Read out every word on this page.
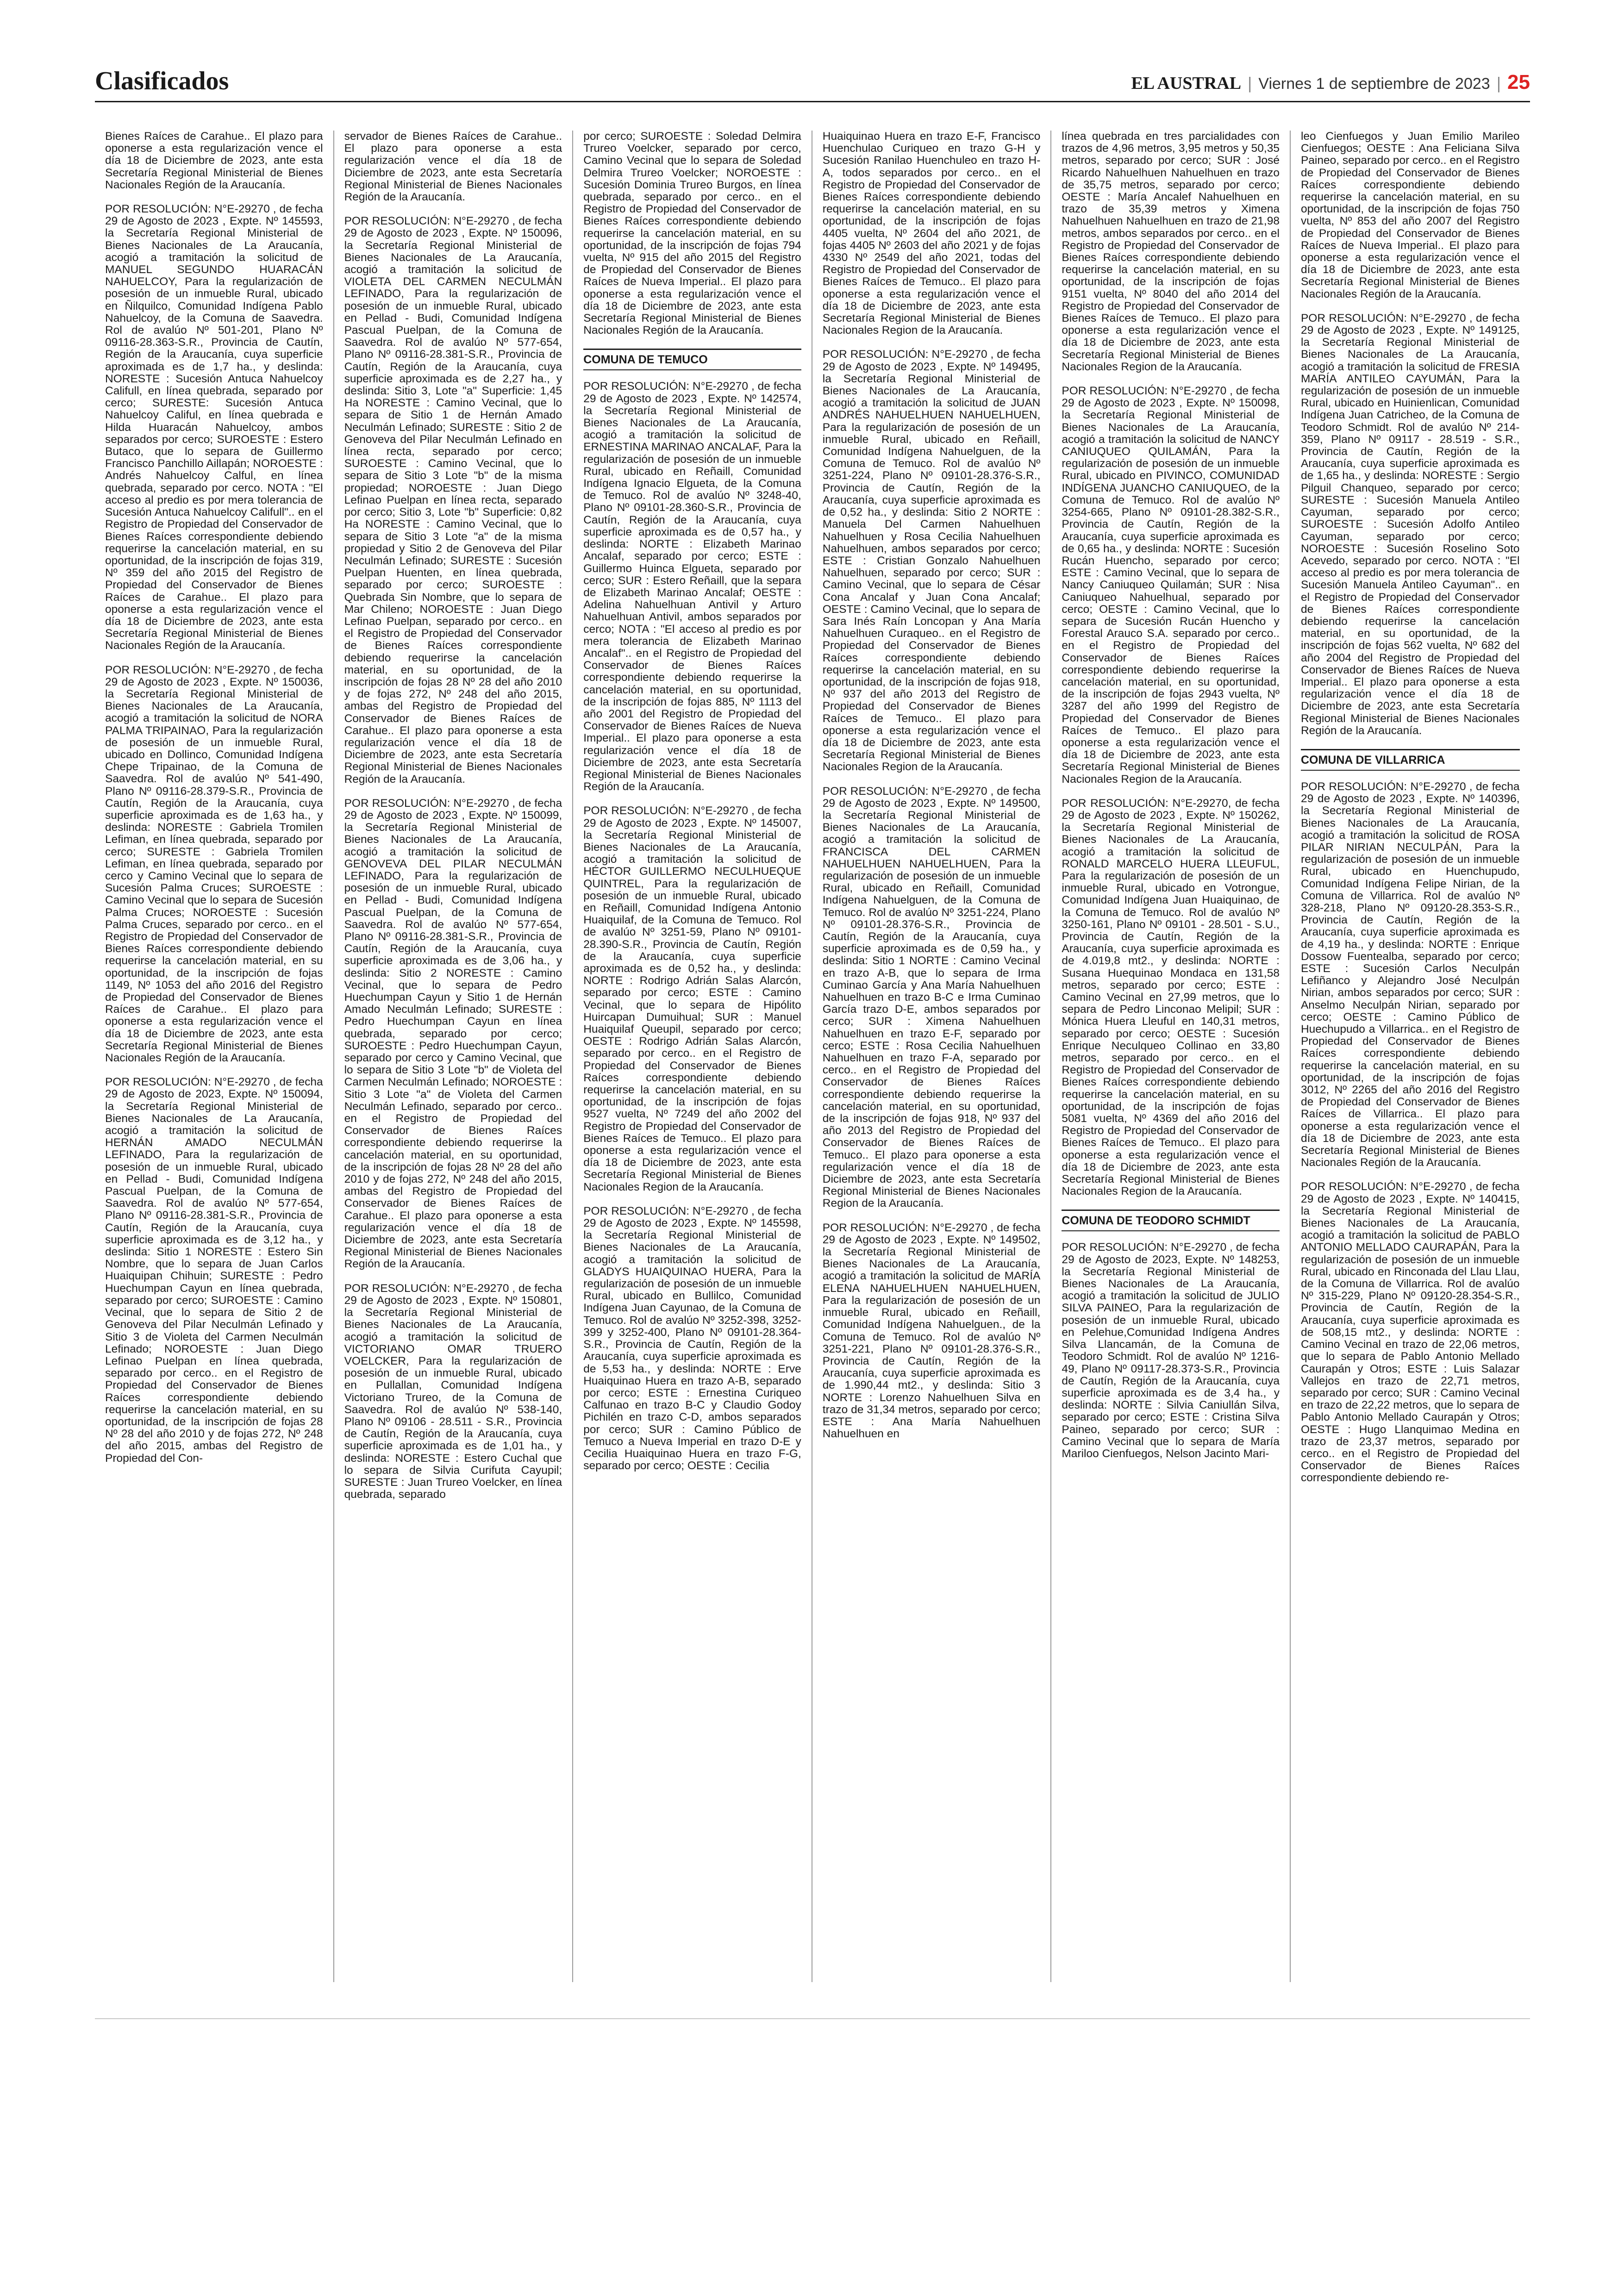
Clasificados	EL AUSTRAL | Viernes 1 de septiembre de 2023 | 25

Bienes Raíces de Carahue.. El plazo para oponerse a esta regularización vence el día 18 de Diciembre de 2023, ante esta Secretaría Regional Ministerial de Bienes Nacionales Región de la Araucanía.

POR RESOLUCIÓN: N°E-29270 , de fecha 29 de Agosto de 2023 , Expte. Nº 145593, la Secretaría Regional Ministerial de Bienes Nacionales de La Araucanía, acogió a tramitación la solicitud de MANUEL SEGUNDO HUARACÁN NAHUELCOY, Para la regularización de posesión de un inmueble Rural, ubicado en Ñilquilco, Comunidad Indígena Pablo Nahuelcoy, de la Comuna de Saavedra. Rol de avalúo Nº 501-201, Plano Nº 09116-28.363-S.R., Provincia de Cautín, Región de la Araucanía, cuya superficie aproximada es de 1,7 ha., y deslinda: NORESTE : Sucesión Antuca Nahuelcoy Califull, en línea quebrada, separado por cerco; SURESTE: Sucesión Antuca Nahuelcoy Califul, en línea quebrada e Hilda Huaracán Nahuelcoy, ambos separados por cerco; SUROESTE : Estero Butaco, que lo separa de Guillermo Francisco Panchillo Aillapán; NOROESTE : Andrés Nahuelcoy Calful, en línea quebrada, separado por cerco. NOTA : "El acceso al predio es por mera tolerancia de Sucesión Antuca Nahuelcoy Califull".. en el Registro de Propiedad del Conservador de Bienes Raíces correspondiente debiendo requerirse la cancelación material, en su oportunidad, de la inscripción de fojas 319, Nº 359 del año 2015 del Registro de Propiedad del Conservador de Bienes Raíces de Carahue.. El plazo para oponerse a esta regularización vence el día 18 de Diciembre de 2023, ante esta Secretaría Regional Ministerial de Bienes Nacionales Región de la Araucanía.

POR RESOLUCIÓN: N°E-29270 , de fecha 29 de Agosto de 2023 , Expte. Nº 150036, la Secretaría Regional Ministerial de Bienes Nacionales de La Araucanía, acogió a tramitación la solicitud de NORA PALMA TRIPAINAO, Para la regularización de posesión de un inmueble Rural, ubicado en Dollinco, Comunidad Indígena Chepe Tripainao, de la Comuna de Saavedra. Rol de avalúo Nº 541-490, Plano Nº 09116-28.379-S.R., Provincia de Cautín, Región de la Araucanía, cuya superficie aproximada es de 1,63 ha., y deslinda: NORESTE : Gabriela Tromilen Lefiman, en línea quebrada, separado por cerco; SURESTE : Gabriela Tromilen Lefiman, en línea quebrada, separado por cerco y Camino Vecinal que lo separa de Sucesión Palma Cruces; SUROESTE : Camino Vecinal que lo separa de Sucesión Palma Cruces; NOROESTE : Sucesión Palma Cruces, separado por cerco.. en el Registro de Propiedad del Conservador de Bienes Raíces correspondiente debiendo requerirse la cancelación material, en su oportunidad, de la inscripción de fojas 1149, Nº 1053 del año 2016 del Registro de Propiedad del Conservador de Bienes Raíces de Carahue.. El plazo para oponerse a esta regularización vence el día 18 de Diciembre de 2023, ante esta Secretaría Regional Ministerial de Bienes Nacionales Región de la Araucanía.

POR RESOLUCIÓN: N°E-29270 , de fecha 29 de Agosto de 2023, Expte. Nº 150094, la Secretaría Regional Ministerial de Bienes Nacionales de La Araucanía, acogió a tramitación la solicitud de HERNÁN AMADO NECULMÁN LEFINADO, Para la regularización de posesión de un inmueble Rural, ubicado en Pellad - Budi, Comunidad Indígena Pascual Puelpan, de la Comuna de Saavedra. Rol de avalúo Nº 577-654, Plano Nº 09116-28.381-S.R., Provincia de Cautín, Región de la Araucanía, cuya superficie aproximada es de 3,12 ha., y deslinda: Sitio 1 NORESTE : Estero Sin Nombre, que lo separa de Juan Carlos Huaiquipan Chihuin; SURESTE : Pedro Huechumpan Cayun en línea quebrada, separado por cerco; SUROESTE : Camino Vecinal, que lo separa de Sitio 2 de Genoveva del Pilar Neculmán Lefinado y Sitio 3 de Violeta del Carmen Neculmán Lefinado; NOROESTE : Juan Diego Lefinao Puelpan en línea quebrada, separado por cerco.. en el Registro de Propiedad del Conservador de Bienes Raíces correspondiente debiendo requerirse la cancelación material, en su oportunidad, de la inscripción de fojas 28 Nº 28 del año 2010 y de fojas 272, Nº 248 del año 2015, ambas del Registro de Propiedad del Con-

servador de Bienes Raíces de Carahue.. El plazo para oponerse a esta regularización vence el día 18 de Diciembre de 2023, ante esta Secretaría Regional Ministerial de Bienes Nacionales Región de la Araucanía.

POR RESOLUCIÓN: N°E-29270 , de fecha 29 de Agosto de 2023 , Expte. Nº 150096, la Secretaría Regional Ministerial de Bienes Nacionales de La Araucanía, acogió a tramitación la solicitud de VIOLETA DEL CARMEN NECULMÁN LEFINADO, Para la regularización de posesión de un inmueble Rural, ubicado en Pellad - Budi, Comunidad Indígena Pascual Puelpan, de la Comuna de Saavedra. Rol de avalúo Nº 577-654, Plano Nº 09116-28.381-S.R., Provincia de Cautín, Región de la Araucanía, cuya superficie aproximada es de 2,27 ha., y deslinda: Sitio 3, Lote "a" Superficie: 1,45 Ha NORESTE : Camino Vecinal, que lo separa de Sitio 1 de Hernán Amado Neculmán Lefinado; SURESTE : Sitio 2 de Genoveva del Pilar Neculmán Lefinado en línea recta, separado por cerco; SUROESTE : Camino Vecinal, que lo separa de Sitio 3 Lote "b" de la misma propiedad; NOROESTE : Juan Diego Lefinao Puelpan en línea recta, separado por cerco; Sitio 3, Lote "b" Superficie: 0,82 Ha NORESTE : Camino Vecinal, que lo separa de Sitio 3 Lote "a" de la misma propiedad y Sitio 2 de Genoveva del Pilar Neculmán Lefinado; SURESTE : Sucesión Puelpan Huenten, en línea quebrada, separado por cerco; SUROESTE : Quebrada Sin Nombre, que lo separa de Mar Chileno; NOROESTE : Juan Diego Lefinao Puelpan, separado por cerco.. en el Registro de Propiedad del Conservador de Bienes Raíces correspondiente debiendo requerirse la cancelación material, en su oportunidad, de la inscripción de fojas 28 Nº 28 del año 2010 y de fojas 272, Nº 248 del año 2015, ambas del Registro de Propiedad del Conservador de Bienes Raíces de Carahue.. El plazo para oponerse a esta regularización vence el día 18 de Diciembre de 2023, ante esta Secretaría Regional Ministerial de Bienes Nacionales Región de la Araucanía.

POR RESOLUCIÓN: N°E-29270 , de fecha 29 de Agosto de 2023 , Expte. Nº 150099, la Secretaría Regional Ministerial de Bienes Nacionales de La Araucanía, acogió a tramitación la solicitud de GENOVEVA DEL PILAR NECULMÁN LEFINADO, Para la regularización de posesión de un inmueble Rural, ubicado en Pellad - Budi, Comunidad Indígena Pascual Puelpan, de la Comuna de Saavedra. Rol de avalúo Nº 577-654, Plano Nº 09116-28.381-S.R., Provincia de Cautín, Región de la Araucanía, cuya superficie aproximada es de 3,06 ha., y deslinda: Sitio 2 NORESTE : Camino Vecinal, que lo separa de Pedro Huechumpan Cayun y Sitio 1 de Hernán Amado Neculmán Lefinado; SURESTE : Pedro Huechumpan Cayun en línea quebrada, separado por cerco; SUROESTE : Pedro Huechumpan Cayun, separado por cerco y Camino Vecinal, que lo separa de Sitio 3 Lote "b" de Violeta del Carmen Neculmán Lefinado; NOROESTE : Sitio 3 Lote "a" de Violeta del Carmen Neculmán Lefinado, separado por cerco.. en el Registro de Propiedad del Conservador de Bienes Raíces correspondiente debiendo requerirse la cancelación material, en su oportunidad, de la inscripción de fojas 28 Nº 28 del año 2010 y de fojas 272, Nº 248 del año 2015, ambas del Registro de Propiedad del Conservador de Bienes Raíces de Carahue.. El plazo para oponerse a esta regularización vence el día 18 de Diciembre de 2023, ante esta Secretaría Regional Ministerial de Bienes Nacionales Región de la Araucanía.

POR RESOLUCIÓN: N°E-29270 , de fecha 29 de Agosto de 2023 , Expte. Nº 150801, la Secretaría Regional Ministerial de Bienes Nacionales de La Araucanía, acogió a tramitación la solicitud de VICTORIANO OMAR TRUERO VOELCKER, Para la regularización de posesión de un inmueble Rural, ubicado en Pullallan, Comunidad Indígena Victoriano Trureo, de la Comuna de Saavedra. Rol de avalúo Nº 538-140, Plano Nº 09106 - 28.511 - S.R., Provincia de Cautín, Región de la Araucanía, cuya superficie aproximada es de 1,01 ha., y deslinda: NORESTE : Estero Cuchal que lo separa de Silvia Curifuta Cayupil; SURESTE : Juan Trureo Voelcker, en línea quebrada, separado

por cerco; SUROESTE : Soledad Delmira Trureo Voelcker, separado por cerco, Camino Vecinal que lo separa de Soledad Delmira Trureo Voelcker; NOROESTE : Sucesión Dominia Trureo Burgos, en línea quebrada, separado por cerco.. en el Registro de Propiedad del Conservador de Bienes Raíces correspondiente debiendo requerirse la cancelación material, en su oportunidad, de la inscripción de fojas 794 vuelta, Nº 915 del año 2015 del Registro de Propiedad del Conservador de Bienes Raíces de Nueva Imperial.. El plazo para oponerse a esta regularización vence el día 18 de Diciembre de 2023, ante esta Secretaría Regional Ministerial de Bienes Nacionales Región de la Araucanía.

COMUNA DE TEMUCO

POR RESOLUCIÓN: N°E-29270 , de fecha 29 de Agosto de 2023 , Expte. Nº 142574, la Secretaría Regional Ministerial de Bienes Nacionales de La Araucanía, acogió a tramitación la solicitud de ERNESTINA MARINAO ANCALAF, Para la regularización de posesión de un inmueble Rural, ubicado en Reñaill, Comunidad Indígena Ignacio Elgueta, de la Comuna de Temuco. Rol de avalúo Nº 3248-40, Plano Nº 09101-28.360-S.R., Provincia de Cautín, Región de la Araucanía, cuya superficie aproximada es de 0,57 ha., y deslinda: NORTE : Elizabeth Marinao Ancalaf, separado por cerco; ESTE : Guillermo Huinca Elgueta, separado por cerco; SUR : Estero Reñaill, que la separa de Elizabeth Marinao Ancalaf; OESTE : Adelina Nahuelhuan Antivil y Arturo Nahuelhuan Antivil, ambos separados por cerco; NOTA : "El acceso al predio es por mera tolerancia de Elizabeth Marinao Ancalaf".. en el Registro de Propiedad del Conservador de Bienes Raíces correspondiente debiendo requerirse la cancelación material, en su oportunidad, de la inscripción de fojas 885, Nº 1113 del año 2001 del Registro de Propiedad del Conservador de Bienes Raíces de Nueva Imperial.. El plazo para oponerse a esta regularización vence el día 18 de Diciembre de 2023, ante esta Secretaría Regional Ministerial de Bienes Nacionales Región de la Araucanía.

POR RESOLUCIÓN: N°E-29270 , de fecha 29 de Agosto de 2023 , Expte. Nº 145007, la Secretaría Regional Ministerial de Bienes Nacionales de La Araucanía, acogió a tramitación la solicitud de HÉCTOR GUILLERMO NECULHUEQUE QUINTREL, Para la regularización de posesión de un inmueble Rural, ubicado en Reñaill, Comunidad Indígena Antonio Huaiquilaf, de la Comuna de Temuco. Rol de avalúo Nº 3251-59, Plano Nº 09101-28.390-S.R., Provincia de Cautín, Región de la Araucanía, cuya superficie aproximada es de 0,52 ha., y deslinda: NORTE : Rodrigo Adrián Salas Alarcón, separado por cerco; ESTE : Camino Vecinal, que lo separa de Hipólito Huircapan Dumuihual; SUR : Manuel Huaiquilaf Queupil, separado por cerco; OESTE : Rodrigo Adrián Salas Alarcón, separado por cerco.. en el Registro de Propiedad del Conservador de Bienes Raíces correspondiente debiendo requerirse la cancelación material, en su oportunidad, de la inscripción de fojas 9527 vuelta, Nº 7249 del año 2002 del Registro de Propiedad del Conservador de Bienes Raíces de Temuco.. El plazo para oponerse a esta regularización vence el día 18 de Diciembre de 2023, ante esta Secretaría Regional Ministerial de Bienes Nacionales Region de la Araucanía.

POR RESOLUCIÓN: N°E-29270 , de fecha 29 de Agosto de 2023 , Expte. Nº 145598, la Secretaría Regional Ministerial de Bienes Nacionales de La Araucanía, acogió a tramitación la solicitud de GLADYS HUAIQUINAO HUERA, Para la regularización de posesión de un inmueble Rural, ubicado en Bullilco, Comunidad Indígena Juan Cayunao, de la Comuna de Temuco. Rol de avalúo Nº 3252-398, 3252-399 y 3252-400, Plano Nº 09101-28.364-S.R., Provincia de Cautín, Región de la Araucanía, cuya superficie aproximada es de 5,53 ha., y deslinda: NORTE : Erve Huaiquinao Huera en trazo A-B, separado por cerco; ESTE : Ernestina Curiqueo Calfunao en trazo B-C y Claudio Godoy Pichilén en trazo C-D, ambos separados por cerco; SUR : Camino Público de Temuco a Nueva Imperial en trazo D-E y Cecilia Huaiquinao Huera en trazo F-G, separado por cerco; OESTE : Cecilia

Huaiquinao Huera en trazo E-F, Francisco Huenchulao Curiqueo en trazo G-H y Sucesión Ranilao Huenchuleo en trazo H-A, todos separados por cerco.. en el Registro de Propiedad del Conservador de Bienes Raíces correspondiente debiendo requerirse la cancelación material, en su oportunidad, de la inscripción de fojas 4405 vuelta, Nº 2604 del año 2021, de fojas 4405 Nº 2603 del año 2021 y de fojas 4330 Nº 2549 del año 2021, todas del Registro de Propiedad del Conservador de Bienes Raíces de Temuco.. El plazo para oponerse a esta regularización vence el día 18 de Diciembre de 2023, ante esta Secretaría Regional Ministerial de Bienes Nacionales Region de la Araucanía.

POR RESOLUCIÓN: N°E-29270 , de fecha 29 de Agosto de 2023 , Expte. Nº 149495, la Secretaría Regional Ministerial de Bienes Nacionales de La Araucanía, acogió a tramitación la solicitud de JUAN ANDRÉS NAHUELHUEN NAHUELHUEN, Para la regularización de posesión de un inmueble Rural, ubicado en Reñaill, Comunidad Indígena Nahuelguen, de la Comuna de Temuco. Rol de avalúo Nº 3251-224, Plano Nº 09101-28.376-S.R., Provincia de Cautín, Región de la Araucanía, cuya superficie aproximada es de 0,52 ha., y deslinda: Sitio 2 NORTE : Manuela Del Carmen Nahuelhuen Nahuelhuen y Rosa Cecilia Nahuelhuen Nahuelhuen, ambos separados por cerco; ESTE : Cristian Gonzalo Nahuelhuen Nahuelhuen, separado por cerco; SUR : Camino Vecinal, que lo separa de César Cona Ancalaf y Juan Cona Ancalaf; OESTE : Camino Vecinal, que lo separa de Sara Inés Raín Loncopan y Ana María Nahuelhuen Curaqueo.. en el Registro de Propiedad del Conservador de Bienes Raíces correspondiente debiendo requerirse la cancelación material, en su oportunidad, de la inscripción de fojas 918, Nº 937 del año 2013 del Registro de Propiedad del Conservador de Bienes Raíces de Temuco.. El plazo para oponerse a esta regularización vence el día 18 de Diciembre de 2023, ante esta Secretaría Regional Ministerial de Bienes Nacionales Region de la Araucanía.

POR RESOLUCIÓN: N°E-29270 , de fecha 29 de Agosto de 2023 , Expte. Nº 149500, la Secretaría Regional Ministerial de Bienes Nacionales de La Araucanía, acogió a tramitación la solicitud de FRANCISCA DEL CARMEN NAHUELHUEN NAHUELHUEN, Para la regularización de posesión de un inmueble Rural, ubicado en Reñaill, Comunidad Indígena Nahuelguen, de la Comuna de Temuco. Rol de avalúo Nº 3251-224, Plano Nº 09101-28.376-S.R., Provincia de Cautín, Región de la Araucanía, cuya superficie aproximada es de 0,59 ha., y deslinda: Sitio 1 NORTE : Camino Vecinal en trazo A-B, que lo separa de Irma Cuminao García y Ana María Nahuelhuen Nahuelhuen en trazo B-C e Irma Cuminao García trazo D-E, ambos separados por cerco; SUR : Ximena Nahuelhuen Nahuelhuen en trazo E-F, separado por cerco; ESTE : Rosa Cecilia Nahuelhuen Nahuelhuen en trazo F-A, separado por cerco.. en el Registro de Propiedad del Conservador de Bienes Raíces correspondiente debiendo requerirse la cancelación material, en su oportunidad, de la inscripción de fojas 918, Nº 937 del año 2013 del Registro de Propiedad del Conservador de Bienes Raíces de Temuco.. El plazo para oponerse a esta regularización vence el día 18 de Diciembre de 2023, ante esta Secretaría Regional Ministerial de Bienes Nacionales Region de la Araucanía.

POR RESOLUCIÓN: N°E-29270 , de fecha 29 de Agosto de 2023 , Expte. Nº 149502, la Secretaría Regional Ministerial de Bienes Nacionales de La Araucanía, acogió a tramitación la solicitud de MARÍA ELENA NAHUELHUEN NAHUELHUEN, Para la regularización de posesión de un inmueble Rural, ubicado en Reñaill, Comunidad Indígena Nahuelguen., de la Comuna de Temuco. Rol de avalúo Nº 3251-221, Plano Nº 09101-28.376-S.R., Provincia de Cautín, Región de la Araucanía, cuya superficie aproximada es de 1.990,44 mt2., y deslinda: Sitio 3 NORTE : Lorenzo Nahuelhuen Silva en trazo de 31,34 metros, separado por cerco; ESTE : Ana María Nahuelhuen Nahuelhuen en

línea quebrada en tres parcialidades con trazos de 4,96 metros, 3,95 metros y 50,35 metros, separado por cerco; SUR : José Ricardo Nahuelhuen Nahuelhuen en trazo de 35,75 metros, separado por cerco; OESTE : María Ancalef Nahuelhuen en trazo de 35,39 metros y Ximena Nahuelhuen Nahuelhuen en trazo de 21,98 metros, ambos separados por cerco.. en el Registro de Propiedad del Conservador de Bienes Raíces correspondiente debiendo requerirse la cancelación material, en su oportunidad, de la inscripción de fojas 9151 vuelta, Nº 8040 del año 2014 del Registro de Propiedad del Conservador de Bienes Raíces de Temuco.. El plazo para oponerse a esta regularización vence el día 18 de Diciembre de 2023, ante esta Secretaría Regional Ministerial de Bienes Nacionales Region de la Araucanía.

POR RESOLUCIÓN: N°E-29270 , de fecha 29 de Agosto de 2023 , Expte. Nº 150098, la Secretaría Regional Ministerial de Bienes Nacionales de La Araucanía, acogió a tramitación la solicitud de NANCY CANIUQUEO QUILAMÁN, Para la regularización de posesión de un inmueble Rural, ubicado en PIVINCO, COMUNIDAD INDÍGENA JUANCHO CANIUQUEO, de la Comuna de Temuco. Rol de avalúo Nº 3254-665, Plano Nº 09101-28.382-S.R., Provincia de Cautín, Región de la Araucanía, cuya superficie aproximada es de 0,65 ha., y deslinda: NORTE : Sucesión Rucán Huencho, separado por cerco; ESTE : Camino Vecinal, que lo separa de Nancy Caniuqueo Quilamán; SUR : Nisa Caniuqueo Nahuelhual, separado por cerco; OESTE : Camino Vecinal, que lo separa de Sucesión Rucán Huencho y Forestal Arauco S.A. separado por cerco.. en el Registro de Propiedad del Conservador de Bienes Raíces correspondiente debiendo requerirse la cancelación material, en su oportunidad, de la inscripción de fojas 2943 vuelta, Nº 3287 del año 1999 del Registro de Propiedad del Conservador de Bienes Raíces de Temuco.. El plazo para oponerse a esta regularización vence el día 18 de Diciembre de 2023, ante esta Secretaría Regional Ministerial de Bienes Nacionales Region de la Araucanía.

POR RESOLUCIÓN: N°E-29270, de fecha 29 de Agosto de 2023 , Expte. Nº 150262, la Secretaría Regional Ministerial de Bienes Nacionales de La Araucanía, acogió a tramitación la solicitud de RONALD MARCELO HUERA LLEUFUL, Para la regularización de posesión de un inmueble Rural, ubicado en Votrongue, Comunidad Indígena Juan Huaiquinao, de la Comuna de Temuco. Rol de avalúo Nº 3250-161, Plano Nº 09101 - 28.501 - S.U., Provincia de Cautín, Región de la Araucanía, cuya superficie aproximada es de 4.019,8 mt2., y deslinda: NORTE : Susana Huequinao Mondaca en 131,58 metros, separado por cerco; ESTE : Camino Vecinal en 27,99 metros, que lo separa de Pedro Linconao Melipil; SUR : Mónica Huera Lleuful en 140,31 metros, separado por cerco; OESTE : Sucesión Enrique Neculqueo Collinao en 33,80 metros, separado por cerco.. en el Registro de Propiedad del Conservador de Bienes Raíces correspondiente debiendo requerirse la cancelación material, en su oportunidad, de la inscripción de fojas 5081 vuelta, Nº 4369 del año 2016 del Registro de Propiedad del Conservador de Bienes Raíces de Temuco.. El plazo para oponerse a esta regularización vence el día 18 de Diciembre de 2023, ante esta Secretaría Regional Ministerial de Bienes Nacionales Region de la Araucanía.

COMUNA DE TEODORO SCHMIDT

POR RESOLUCIÓN: N°E-29270 , de fecha 29 de Agosto de 2023, Expte. Nº 148253, la Secretaría Regional Ministerial de Bienes Nacionales de La Araucanía, acogió a tramitación la solicitud de JULIO SILVA PAINEO, Para la regularización de posesión de un inmueble Rural, ubicado en Pelehue,Comunidad Indígena Andres Silva Llancamán, de la Comuna de Teodoro Schmidt. Rol de avalúo Nº 1216-49, Plano Nº 09117-28.373-S.R., Provincia de Cautín, Región de la Araucanía, cuya superficie aproximada es de 3,4 ha., y deslinda: NORTE : Silvia Caniullán Silva, separado por cerco; ESTE : Cristina Silva Paineo, separado por cerco; SUR : Camino Vecinal que lo separa de María Mariloo Cienfuegos, Nelson Jacinto Mari-

leo Cienfuegos y Juan Emilio Marileo Cienfuegos; OESTE : Ana Feliciana Silva Paineo, separado por cerco.. en el Registro de Propiedad del Conservador de Bienes Raíces correspondiente debiendo requerirse la cancelación material, en su oportunidad, de la inscripción de fojas 750 vuelta, Nº 853 del año 2007 del Registro de Propiedad del Conservador de Bienes Raíces de Nueva Imperial.. El plazo para oponerse a esta regularización vence el día 18 de Diciembre de 2023, ante esta Secretaría Regional Ministerial de Bienes Nacionales Región de la Araucanía.

POR RESOLUCIÓN: N°E-29270 , de fecha 29 de Agosto de 2023 , Expte. Nº 149125, la Secretaría Regional Ministerial de Bienes Nacionales de La Araucanía, acogió a tramitación la solicitud de FRESIA MARÍA ANTILEO CAYUMÁN, Para la regularización de posesión de un inmueble Rural, ubicado en Huinienlican, Comunidad Indígena Juan Catricheo, de la Comuna de Teodoro Schmidt. Rol de avalúo Nº 214-359, Plano Nº 09117 - 28.519 - S.R., Provincia de Cautín, Región de la Araucanía, cuya superficie aproximada es de 1,65 ha., y deslinda: NORESTE : Sergio Pilguil Chanqueo, separado por cerco; SURESTE : Sucesión Manuela Antileo Cayuman, separado por cerco; SUROESTE : Sucesión Adolfo Antileo Cayuman, separado por cerco; NOROESTE : Sucesión Roselino Soto Acevedo, separado por cerco. NOTA : "El acceso al predio es por mera tolerancia de Sucesión Manuela Antileo Cayuman".. en el Registro de Propiedad del Conservador de Bienes Raíces correspondiente debiendo requerirse la cancelación material, en su oportunidad, de la inscripción de fojas 562 vuelta, Nº 682 del año 2004 del Registro de Propiedad del Conservador de Bienes Raíces de Nueva Imperial.. El plazo para oponerse a esta regularización vence el día 18 de Diciembre de 2023, ante esta Secretaría Regional Ministerial de Bienes Nacionales Región de la Araucanía.

COMUNA DE VILLARRICA

POR RESOLUCIÓN: N°E-29270 , de fecha 29 de Agosto de 2023 , Expte. Nº 140396, la Secretaría Regional Ministerial de Bienes Nacionales de La Araucanía, acogió a tramitación la solicitud de ROSA PILAR NIRIAN NECULPÁN, Para la regularización de posesión de un inmueble Rural, ubicado en Huenchupudo, Comunidad Indígena Felipe Nirian, de la Comuna de Villarrica. Rol de avalúo Nº 328-218, Plano Nº 09120-28.353-S.R., Provincia de Cautín, Región de la Araucanía, cuya superficie aproximada es de 4,19 ha., y deslinda: NORTE : Enrique Dossow Fuentealba, separado por cerco; ESTE : Sucesión Carlos Neculpán Lefiñanco y Alejandro José Neculpán Nirian, ambos separados por cerco; SUR : Anselmo Neculpán Nirian, separado por cerco; OESTE : Camino Público de Huechupudo a Villarrica.. en el Registro de Propiedad del Conservador de Bienes Raíces correspondiente debiendo requerirse la cancelación material, en su oportunidad, de la inscripción de fojas 3012, Nº 2265 del año 2016 del Registro de Propiedad del Conservador de Bienes Raíces de Villarrica.. El plazo para oponerse a esta regularización vence el día 18 de Diciembre de 2023, ante esta Secretaría Regional Ministerial de Bienes Nacionales Región de la Araucanía.

POR RESOLUCIÓN: N°E-29270 , de fecha 29 de Agosto de 2023 , Expte. Nº 140415, la Secretaría Regional Ministerial de Bienes Nacionales de La Araucanía, acogió a tramitación la solicitud de PABLO ANTONIO MELLADO CAURAPÁN, Para la regularización de posesión de un inmueble Rural, ubicado en Rinconada del Llau Llau, de la Comuna de Villarrica. Rol de avalúo Nº 315-229, Plano Nº 09120-28.354-S.R., Provincia de Cautín, Región de la Araucanía, cuya superficie aproximada es de 508,15 mt2., y deslinda: NORTE : Camino Vecinal en trazo de 22,06 metros, que lo separa de Pablo Antonio Mellado Caurapán y Otros; ESTE : Luis Salazar Vallejos en trazo de 22,71 metros, separado por cerco; SUR : Camino Vecinal en trazo de 22,22 metros, que lo separa de Pablo Antonio Mellado Caurapán y Otros; OESTE : Hugo Llanquimao Medina en trazo de 23,37 metros, separado por cerco.. en el Registro de Propiedad del Conservador de Bienes Raíces correspondiente debiendo re-
